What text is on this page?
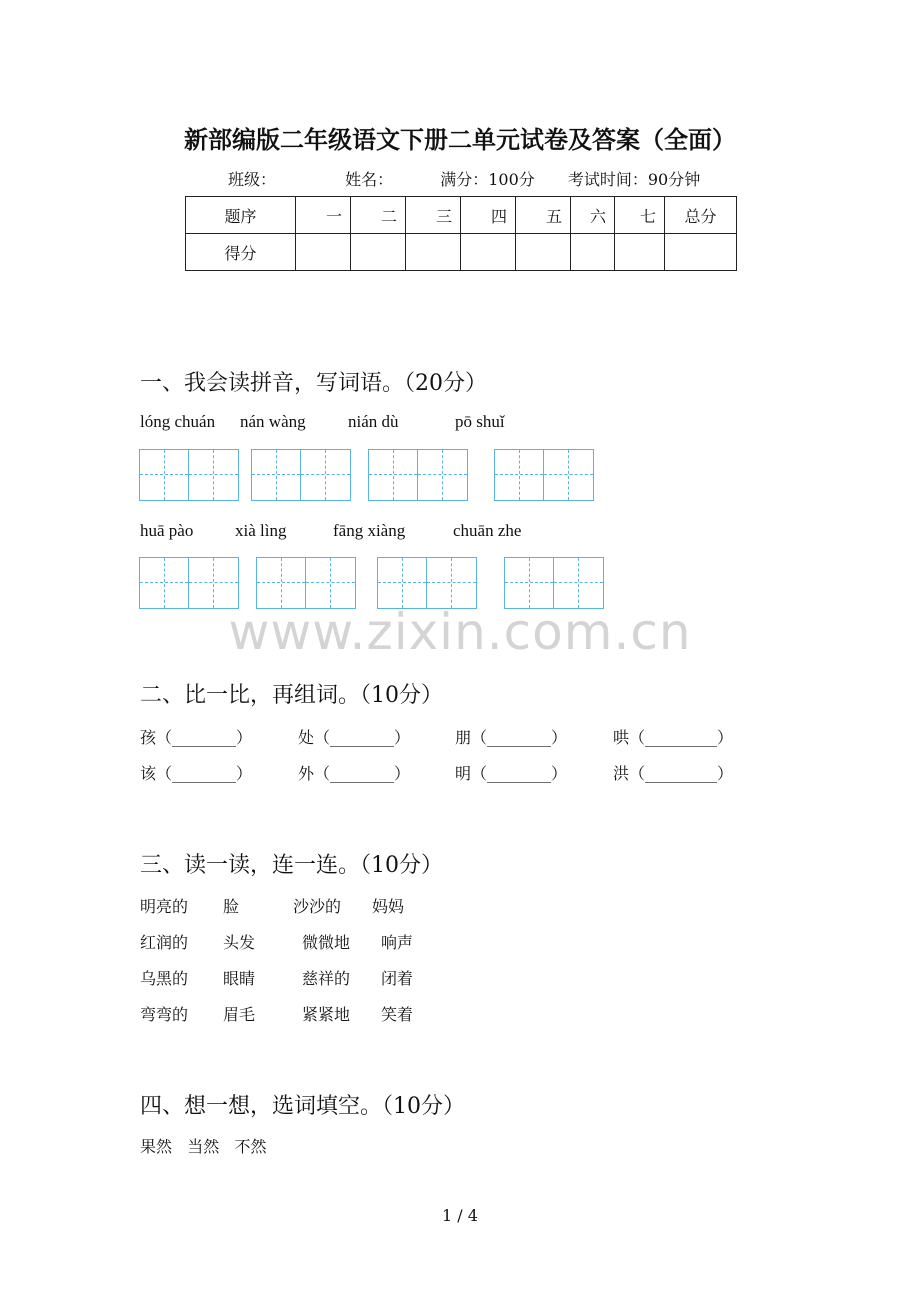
新部编版二年级语文下册二单元试卷及答案（全面）
班级：	姓名：	满分：100分 考试时间：90分钟
题序	一	二	三	四	五	六	七	总分
得分								
一、我会读拼音，写词语。（20分）
lóng chuán nán wàng nián dù	pō shuǐ
huā pào xià lìng	fāng xiàng	chuān zhe
www.zixin.com.cn
二、比一比，再组词。（10分）
孩（________）	处（________）	朋（________）	哄（_________）
该（________）	外（________）	明（________）	洪（_________）
三、读一读，连一连。（10分）
明亮的 脸	沙沙的 妈妈
红润的 头发	微微地 响声
乌黑的 眼睛	慈祥的 闭着
弯弯的 眉毛	紧紧地 笑着
四、想一想，选词填空。（10分）
果然   当然   不然
1 / 4
